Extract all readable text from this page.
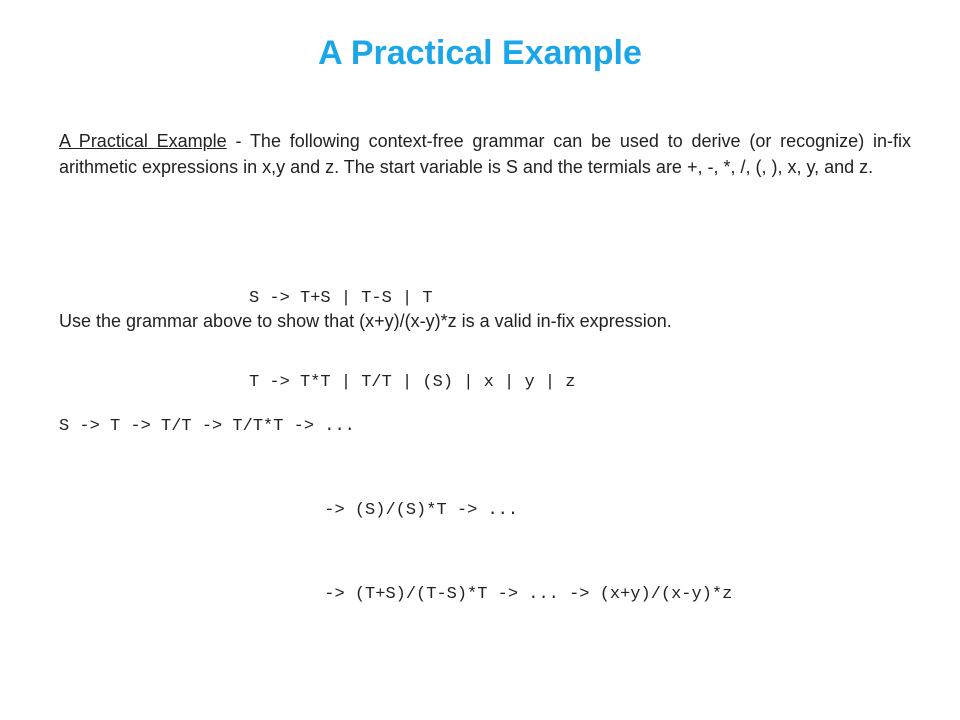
A Practical Example
A Practical Example - The following context-free grammar can be used to derive (or recognize) in-fix arithmetic expressions in x,y and z. The start variable is S and the termials are +, -, *, /, (, ), x, y, and z.

S -> T+S | T-S | T

T -> T*T | T/T | (S) | x | y | z

Use the grammar above to show that (x+y)/(x-y)*z is a valid in-fix expression.

S -> T -> T/T -> T/T*T -> ...

-> (S)/(S)*T -> ...

-> (T+S)/(T-S)*T -> ... -> (x+y)/(x-y)*z
